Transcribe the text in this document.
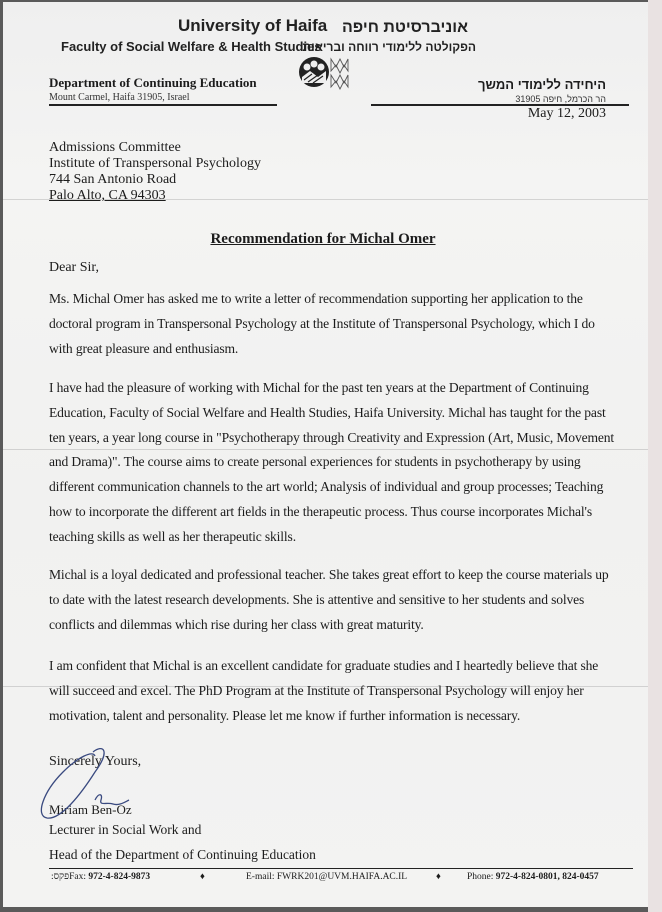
University of Haifa
Faculty of Social Welfare & Health Studies
אוניברסיטת חיפה
הפקולטה ללימודי רווחה ובריאות
Department of Continuing Education
Mount Carmel, Haifa 31905, Israel
היחידה ללימודי המשך
הר הכרמל, חיפה 31905
May 12, 2003
Admissions Committee
Institute of Transpersonal Psychology
744 San Antonio Road
Palo Alto, CA 94303
Recommendation for Michal Omer
Dear Sir,
Ms. Michal Omer has asked me to write a letter of recommendation supporting her application to the
doctoral program in Transpersonal Psychology at the Institute of Transpersonal Psychology, which I do
with great pleasure and enthusiasm.
I have had the pleasure of working with Michal for the past ten years at the Department of Continuing
Education, Faculty of Social Welfare and Health Studies, Haifa University. Michal has taught for the past
ten years, a year long course in "Psychotherapy through Creativity and Expression (Art, Music, Movement
and Drama)". The course aims to create personal experiences for students in psychotherapy by using
different communication channels to the art world; Analysis of individual and group processes; Teaching
how to incorporate the different art fields in the therapeutic process. Thus course incorporates Michal's
teaching skills as well as her therapeutic skills.
Michal is a loyal dedicated and professional teacher. She takes great effort to keep the course materials up
to date with the latest research developments. She is attentive and sensitive to her students and solves
conflicts and dilemmas which rise during her class with great maturity.
I am confident that Michal is an excellent candidate for graduate studies and I heartedly believe that she
will succeed and excel. The PhD Program at the Institute of Transpersonal Psychology will enjoy her
motivation, talent and personality. Please let me know if further information is necessary.
Sincerely Yours,
Miriam Ben-Oz
Lecturer in Social Work and
Head of the Department of Continuing Education
:פקסFax: 972-4-824-9873	♦	E-mail: FWRK201@UVM.HAIFA.AC.IL	♦	Phone: 972-4-824-0801, 824-0457
